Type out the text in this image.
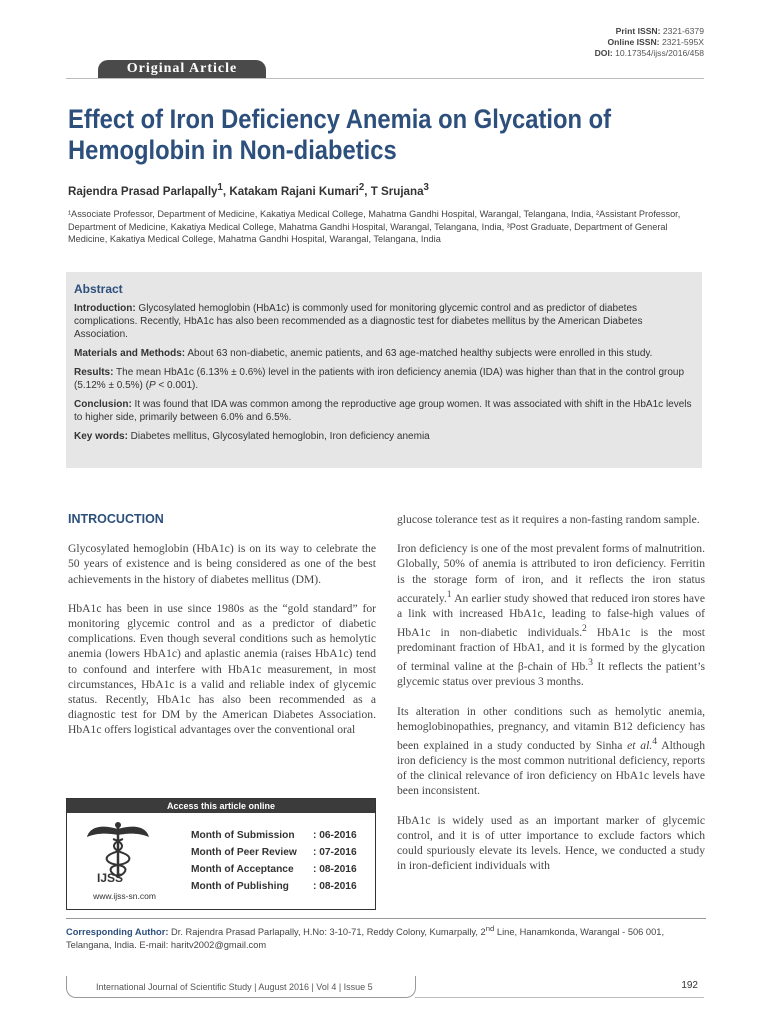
Print ISSN: 2321-6379
Online ISSN: 2321-595X
DOI: 10.17354/ijss/2016/458
Original Article
Effect of Iron Deficiency Anemia on Glycation of
Hemoglobin in Non-diabetics
Rajendra Prasad Parlapally$^1$, Katakam Rajani Kumari$^2$, T Srujana$^3$
¹Associate Professor, Department of Medicine, Kakatiya Medical College, Mahatma Gandhi Hospital, Warangal, Telangana, India, ²Assistant Professor, Department of Medicine, Kakatiya Medical College, Mahatma Gandhi Hospital, Warangal, Telangana, India, ³Post Graduate, Department of General Medicine, Kakatiya Medical College, Mahatma Gandhi Hospital, Warangal, Telangana, India
Abstract

Introduction: Glycosylated hemoglobin (HbA1c) is commonly used for monitoring glycemic control and as predictor of diabetes complications. Recently, HbA1c has also been recommended as a diagnostic test for diabetes mellitus by the American Diabetes Association.

Materials and Methods: About 63 non-diabetic, anemic patients, and 63 age-matched healthy subjects were enrolled in this study.

Results: The mean HbA1c (6.13% ± 0.6%) level in the patients with iron deficiency anemia (IDA) was higher than that in the control group (5.12% ± 0.5%) (P < 0.001).

Conclusion: It was found that IDA was common among the reproductive age group women. It was associated with shift in the HbA1c levels to higher side, primarily between 6.0% and 6.5%.

Key words: Diabetes mellitus, Glycosylated hemoglobin, Iron deficiency anemia

INTROCUCTION

Glycosylated hemoglobin (HbA1c) is on its way to celebrate the 50 years of existence and is being considered as one of the best achievements in the history of diabetes mellitus (DM).

HbA1c has been in use since 1980s as the “gold standard” for monitoring glycemic control and as a predictor of diabetic complications. Even though several conditions such as hemolytic anemia (lowers HbA1c) and aplastic anemia (raises HbA1c) tend to confound and interfere with HbA1c measurement, in most circumstances, HbA1c is a valid and reliable index of glycemic status. Recently, HbA1c has also been recommended as a diagnostic test for DM by the American Diabetes Association. HbA1c offers logistical advantages over the conventional oral

glucose tolerance test as it requires a non-fasting random sample.

Iron deficiency is one of the most prevalent forms of malnutrition. Globally, 50% of anemia is attributed to iron deficiency. Ferritin is the storage form of iron, and it reflects the iron status accurately.$^1$ An earlier study showed that reduced iron stores have a link with increased HbA1c, leading to false-high values of HbA1c in non-diabetic individuals.$^2$ HbA1c is the most predominant fraction of HbA1, and it is formed by the glycation of terminal valine at the β-chain of Hb.$^3$ It reflects the patient’s glycemic status over previous 3 months.

Its alteration in other conditions such as hemolytic anemia, hemoglobinopathies, pregnancy, and vitamin B12 deficiency has been explained in a study conducted by Sinha et al.$^4$ Although iron deficiency is the most common nutritional deficiency, reports of the clinical relevance of iron deficiency on HbA1c levels have been inconsistent.

HbA1c is widely used as an important marker of glycemic control, and it is of utter importance to exclude factors which could spuriously elevate its levels. Hence, we conducted a study in iron-deficient individuals with

Access this article online
IJSS
www.ijss-sn.com
Month of Submission	: 06-2016
Month of Peer Review	: 07-2016
Month of Acceptance	: 08-2016
Month of Publishing	: 08-2016
Corresponding Author: Dr. Rajendra Prasad Parlapally, H.No: 3-10-71, Reddy Colony, Kumarpally, 2nd Line, Hanamkonda, Warangal - 506 001, Telangana, India. E-mail: haritv2002@gmail.com
International Journal of Scientific Study | August 2016 | Vol 4 | Issue 5	192
